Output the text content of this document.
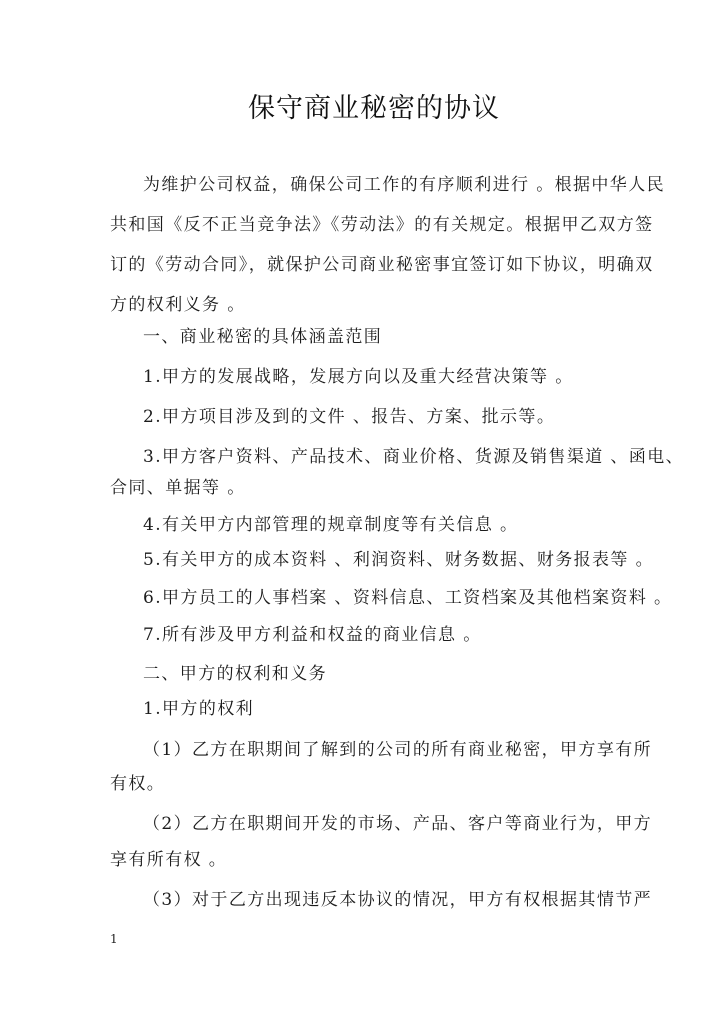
保守商业秘密的协议
为维护公司权益，确保公司工作的有序顺利进行 。根据中华人民
共和国《反不正当竞争法》《劳动法》的有关规定。根据甲乙双方签
订的《劳动合同》，就保护公司商业秘密事宜签订如下协议，明确双
方的权利义务 。
一、商业秘密的具体涵盖范围
1.甲方的发展战略，发展方向以及重大经营决策等 。
2.甲方项目涉及到的文件 、报告、方案、批示等。
3.甲方客户资料、产品技术、商业价格、货源及销售渠道 、函电、
合同、单据等 。
4.有关甲方内部管理的规章制度等有关信息 。
5.有关甲方的成本资料 、利润资料、财务数据、财务报表等 。
6.甲方员工的人事档案 、资料信息、工资档案及其他档案资料 。
7.所有涉及甲方利益和权益的商业信息 。
二、甲方的权利和义务
1.甲方的权利
（1）乙方在职期间了解到的公司的所有商业秘密，甲方享有所
有权。
（2）乙方在职期间开发的市场、产品、客户等商业行为，甲方
享有所有权 。
（3）对于乙方出现违反本协议的情况，甲方有权根据其情节严
1
